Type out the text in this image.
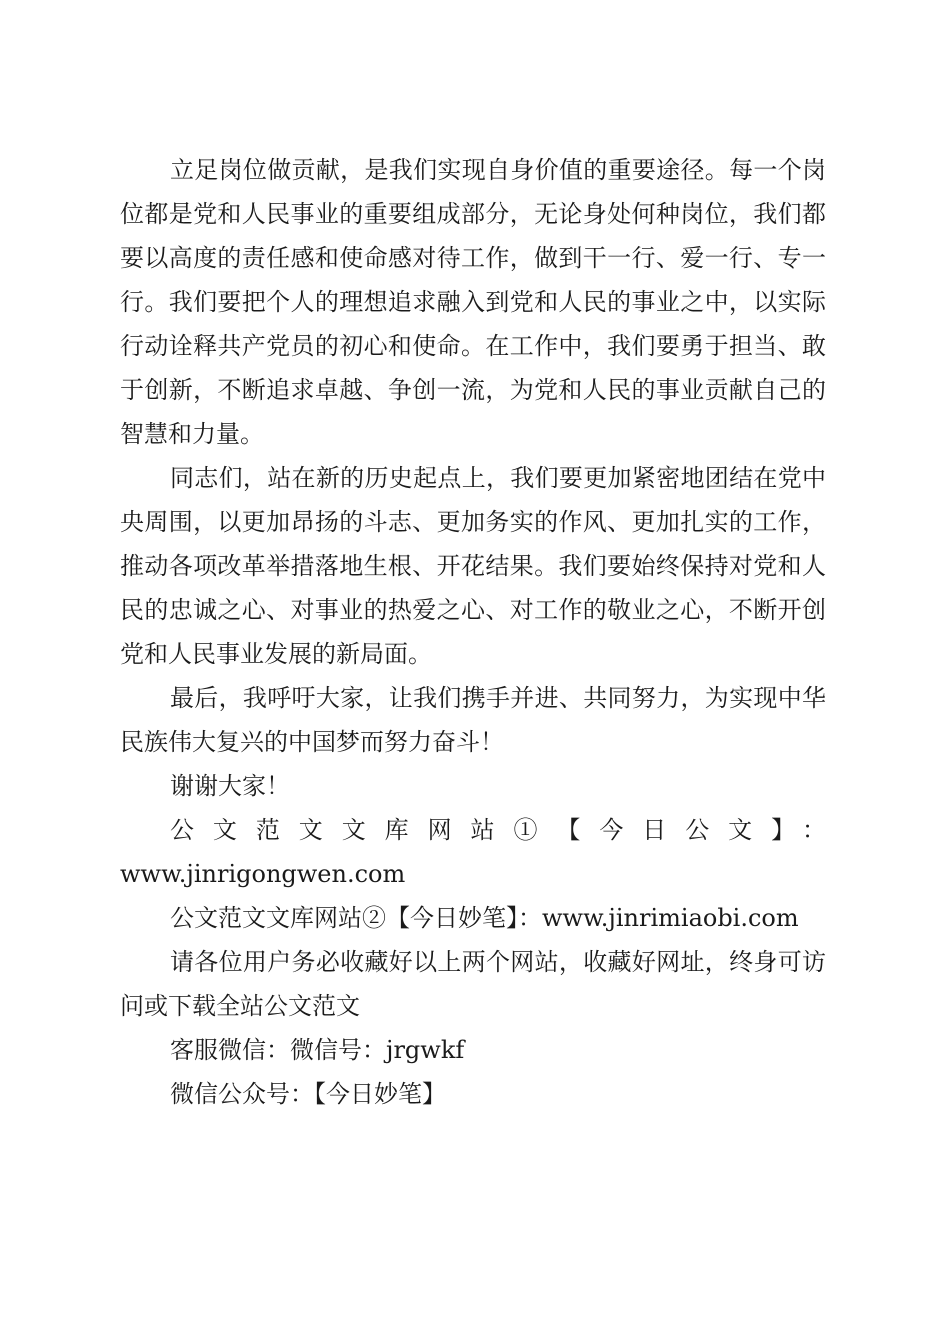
立足岗位做贡献，是我们实现自身价值的重要途径。每一个岗位都是党和人民事业的重要组成部分，无论身处何种岗位，我们都要以高度的责任感和使命感对待工作，做到干一行、爱一行、专一行。我们要把个人的理想追求融入到党和人民的事业之中，以实际行动诠释共产党员的初心和使命。在工作中，我们要勇于担当、敢于创新，不断追求卓越、争创一流，为党和人民的事业贡献自己的智慧和力量。

同志们，站在新的历史起点上，我们要更加紧密地团结在党中央周围，以更加昂扬的斗志、更加务实的作风、更加扎实的工作，推动各项改革举措落地生根、开花结果。我们要始终保持对党和人民的忠诚之心、对事业的热爱之心、对工作的敬业之心，不断开创党和人民事业发展的新局面。

最后，我呼吁大家，让我们携手并进、共同努力，为实现中华民族伟大复兴的中国梦而努力奋斗！

谢谢大家！

公文范文文库网站①【今日公文】：

www.jinrigongwen.com

公文范文文库网站②【今日妙笔】：www.jinrimiaobi.com

请各位用户务必收藏好以上两个网站，收藏好网址，终身可访问或下载全站公文范文

客服微信：微信号：jrgwkf

微信公众号：【今日妙笔】
